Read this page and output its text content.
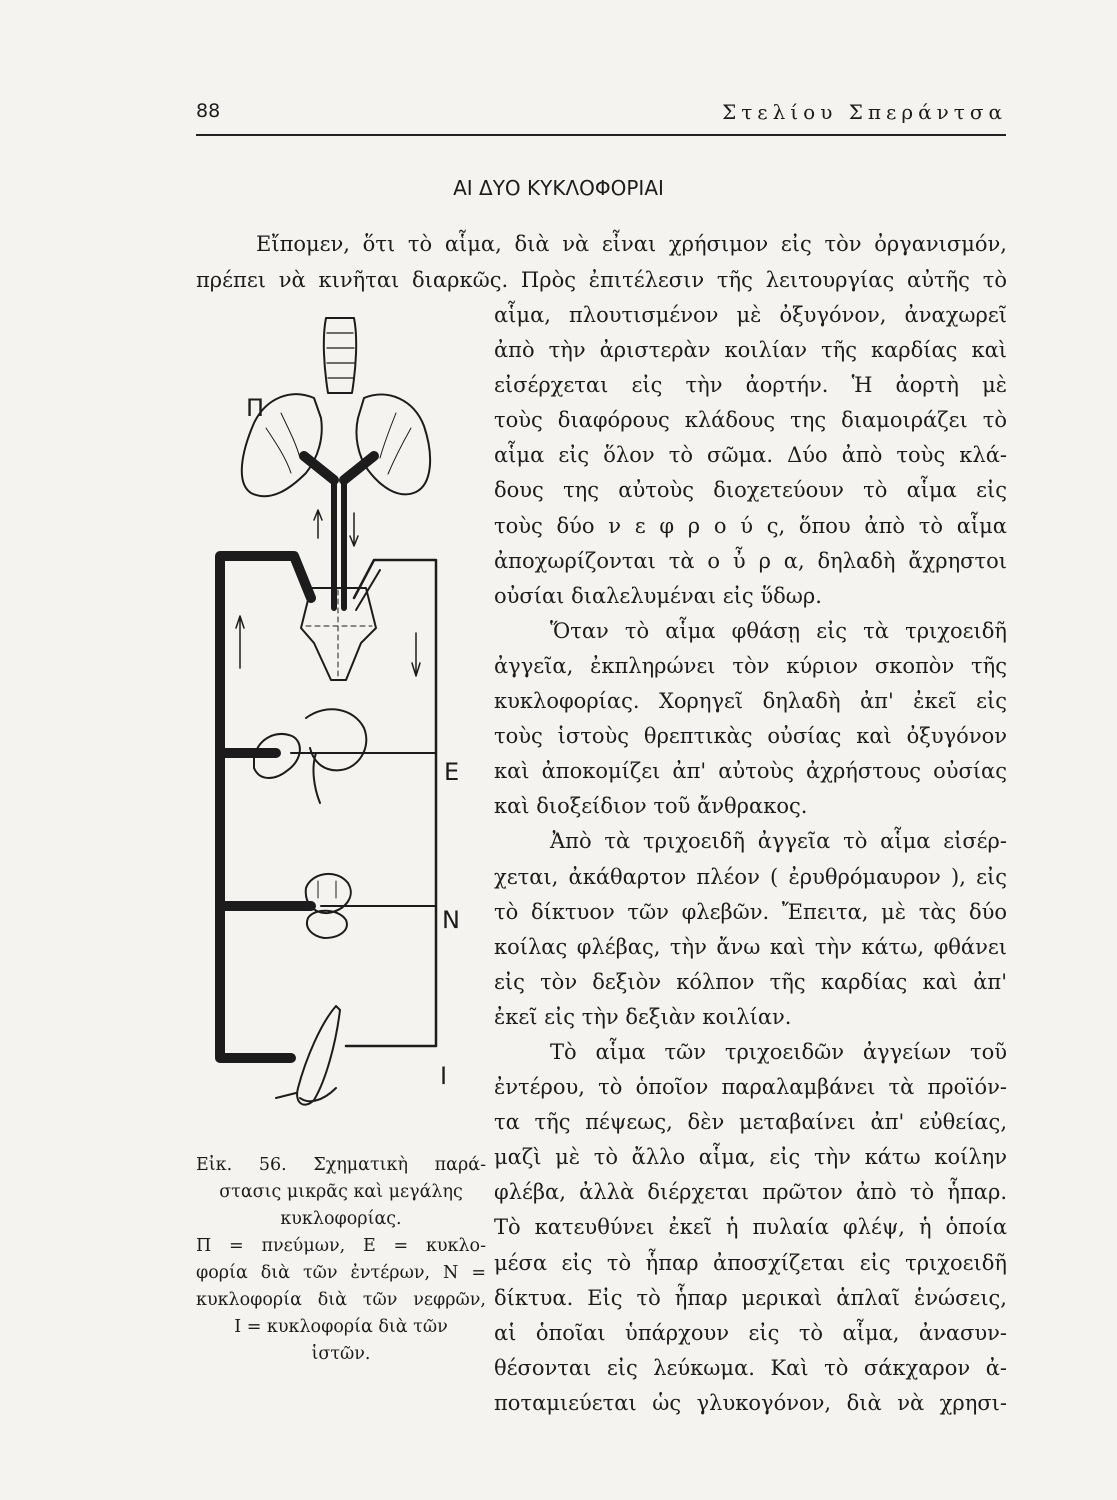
88	Στελίου Σπεράντσα
ΑΙ ΔΥΟ ΚΥΚΛΟΦΟΡΙΑΙ
Εἴπομεν, ὅτι τὸ αἷμα, διὰ νὰ εἶναι χρήσιμον εἰς τὸν ὀργανισμόν,
πρέπει νὰ κινῆται διαρκῶς. Πρὸς ἐπιτέλεσιν τῆς λειτουργίας αὐτῆς τὸ
αἷμα, πλουτισμένον μὲ ὀξυγόνον, ἀναχωρεῖ
ἀπὸ τὴν ἀριστερὰν κοιλίαν τῆς καρδίας καὶ
εἰσέρχεται εἰς τὴν ἀορτήν. Ἡ ἀορτὴ μὲ
τοὺς διαφόρους κλάδους της διαμοιράζει τὸ
αἷμα εἰς ὅλον τὸ σῶμα. Δύο ἀπὸ τοὺς κλά-
δους της αὐτοὺς διοχετεύουν τὸ αἷμα εἰς
τοὺς δύο ν ε φ ρ ο ύ ς, ὅπου ἀπὸ τὸ αἷμα
ἀποχωρίζονται τὰ ο ὖ ρ α, δηλαδὴ ἄχρηστοι
οὐσίαι διαλελυμέναι εἰς ὕδωρ.
Ὅταν τὸ αἷμα φθάσῃ εἰς τὰ τριχοειδῆ
ἀγγεῖα, ἐκπληρώνει τὸν κύριον σκοπὸν τῆς
κυκλοφορίας. Χορηγεῖ δηλαδὴ ἀπ' ἐκεῖ εἰς
τοὺς ἱστοὺς θρεπτικὰς οὐσίας καὶ ὀξυγόνον
καὶ ἀποκομίζει ἀπ' αὐτοὺς ἀχρήστους οὐσίας
καὶ διοξείδιον τοῦ ἄνθρακος.
Ἀπὸ τὰ τριχοειδῆ ἀγγεῖα τὸ αἷμα εἰσέρ-
χεται, ἀκάθαρτον πλέον ( ἐρυθρόμαυρον ), εἰς
τὸ δίκτυον τῶν φλεβῶν. Ἔπειτα, μὲ τὰς δύο
κοίλας φλέβας, τὴν ἄνω καὶ τὴν κάτω, φθάνει
εἰς τὸν δεξιὸν κόλπον τῆς καρδίας καὶ ἀπ'
ἐκεῖ εἰς τὴν δεξιὰν κοιλίαν.
Τὸ αἷμα τῶν τριχοειδῶν ἀγγείων τοῦ
ἐντέρου, τὸ ὁποῖον παραλαμβάνει τὰ προϊόν-
τα τῆς πέψεως, δὲν μεταβαίνει ἀπ' εὐθείας,
μαζὶ μὲ τὸ ἄλλο αἷμα, εἰς τὴν κάτω κοίλην
φλέβα, ἀλλὰ διέρχεται πρῶτον ἀπὸ τὸ ἧπαρ.
Τὸ κατευθύνει ἐκεῖ ἡ πυλαία φλέψ, ἡ ὁποία
μέσα εἰς τὸ ἧπαρ ἀποσχίζεται εἰς τριχοειδῆ
δίκτυα. Εἰς τὸ ἧπαρ μερικαὶ ἁπλαῖ ἑνώσεις,
αἱ ὁποῖαι ὑπάρχουν εἰς τὸ αἷμα, ἀνασυν-
θέσονται εἰς λεύκωμα. Καὶ τὸ σάκχαρον ἀ-
ποταμιεύεται ὡς γλυκογόνον, διὰ νὰ χρησι-
Π
Ε
Ν
Ι
Εἰκ. 56. Σχηματικὴ παρά-
στασις μικρᾶς καὶ μεγάλης
κυκλοφορίας.
Π = πνεύμων, Ε = κυκλο-
φορία διὰ τῶν ἐντέρων, Ν =
κυκλοφορία διὰ τῶν νεφρῶν,
Ι = κυκλοφορία διὰ τῶν
ἱστῶν.
